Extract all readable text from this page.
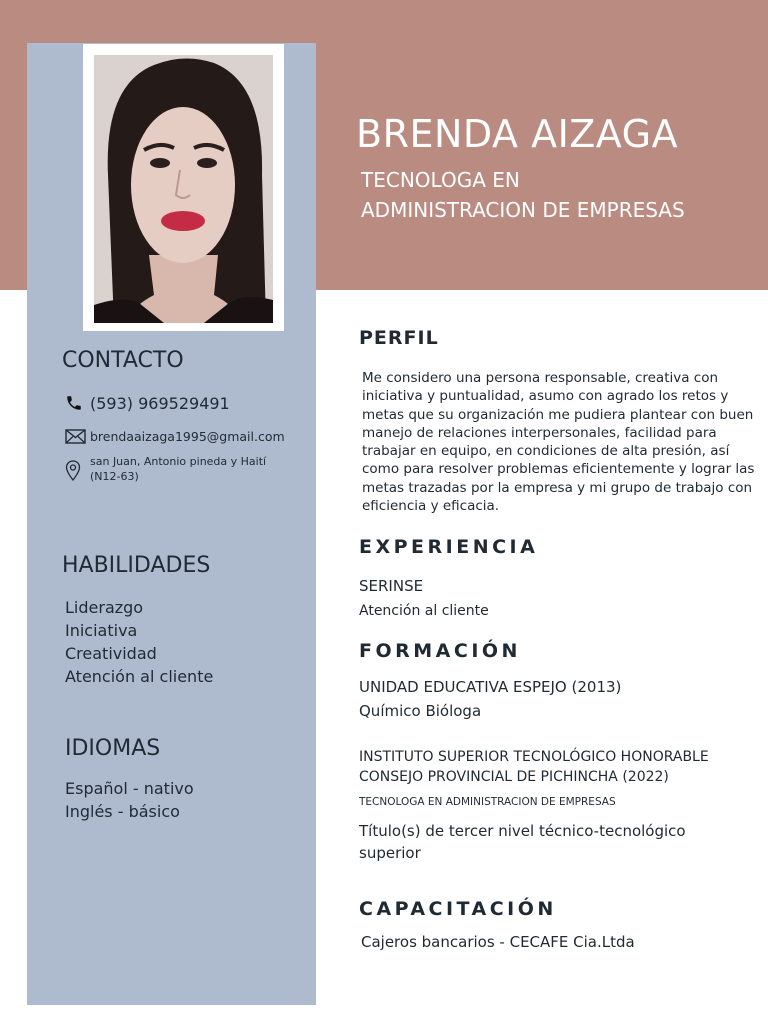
BRENDA AIZAGA
TECNOLOGA EN
ADMINISTRACION DE EMPRESAS
CONTACTO
(593) 969529491
brendaaizaga1995@gmail.com
san Juan, Antonio pineda y Haití
(N12-63)
HABILIDADES
Liderazgo
Iniciativa
Creatividad
Atención al cliente
IDIOMAS
Español - nativo
Inglés - básico
PERFIL
Me considero una persona responsable, creativa con
iniciativa y puntualidad, asumo con agrado los retos y
metas que su organización me pudiera plantear con buen
manejo de relaciones interpersonales, facilidad para
trabajar en equipo, en condiciones de alta presión, así
como para resolver problemas eficientemente y lograr las
metas trazadas por la empresa y mi grupo de trabajo con
eficiencia y eficacia.
EXPERIENCIA
SERINSE
Atención al cliente
FORMACIÓN
UNIDAD EDUCATIVA ESPEJO (2013)
Químico Bióloga
INSTITUTO SUPERIOR TECNOLÓGICO HONORABLE
CONSEJO PROVINCIAL DE PICHINCHA (2022)
TECNOLOGA EN ADMINISTRACION DE EMPRESAS
Título(s) de tercer nivel técnico-tecnológico
superior
CAPACITACIÓN
Cajeros bancarios - CECAFE Cia.Ltda
